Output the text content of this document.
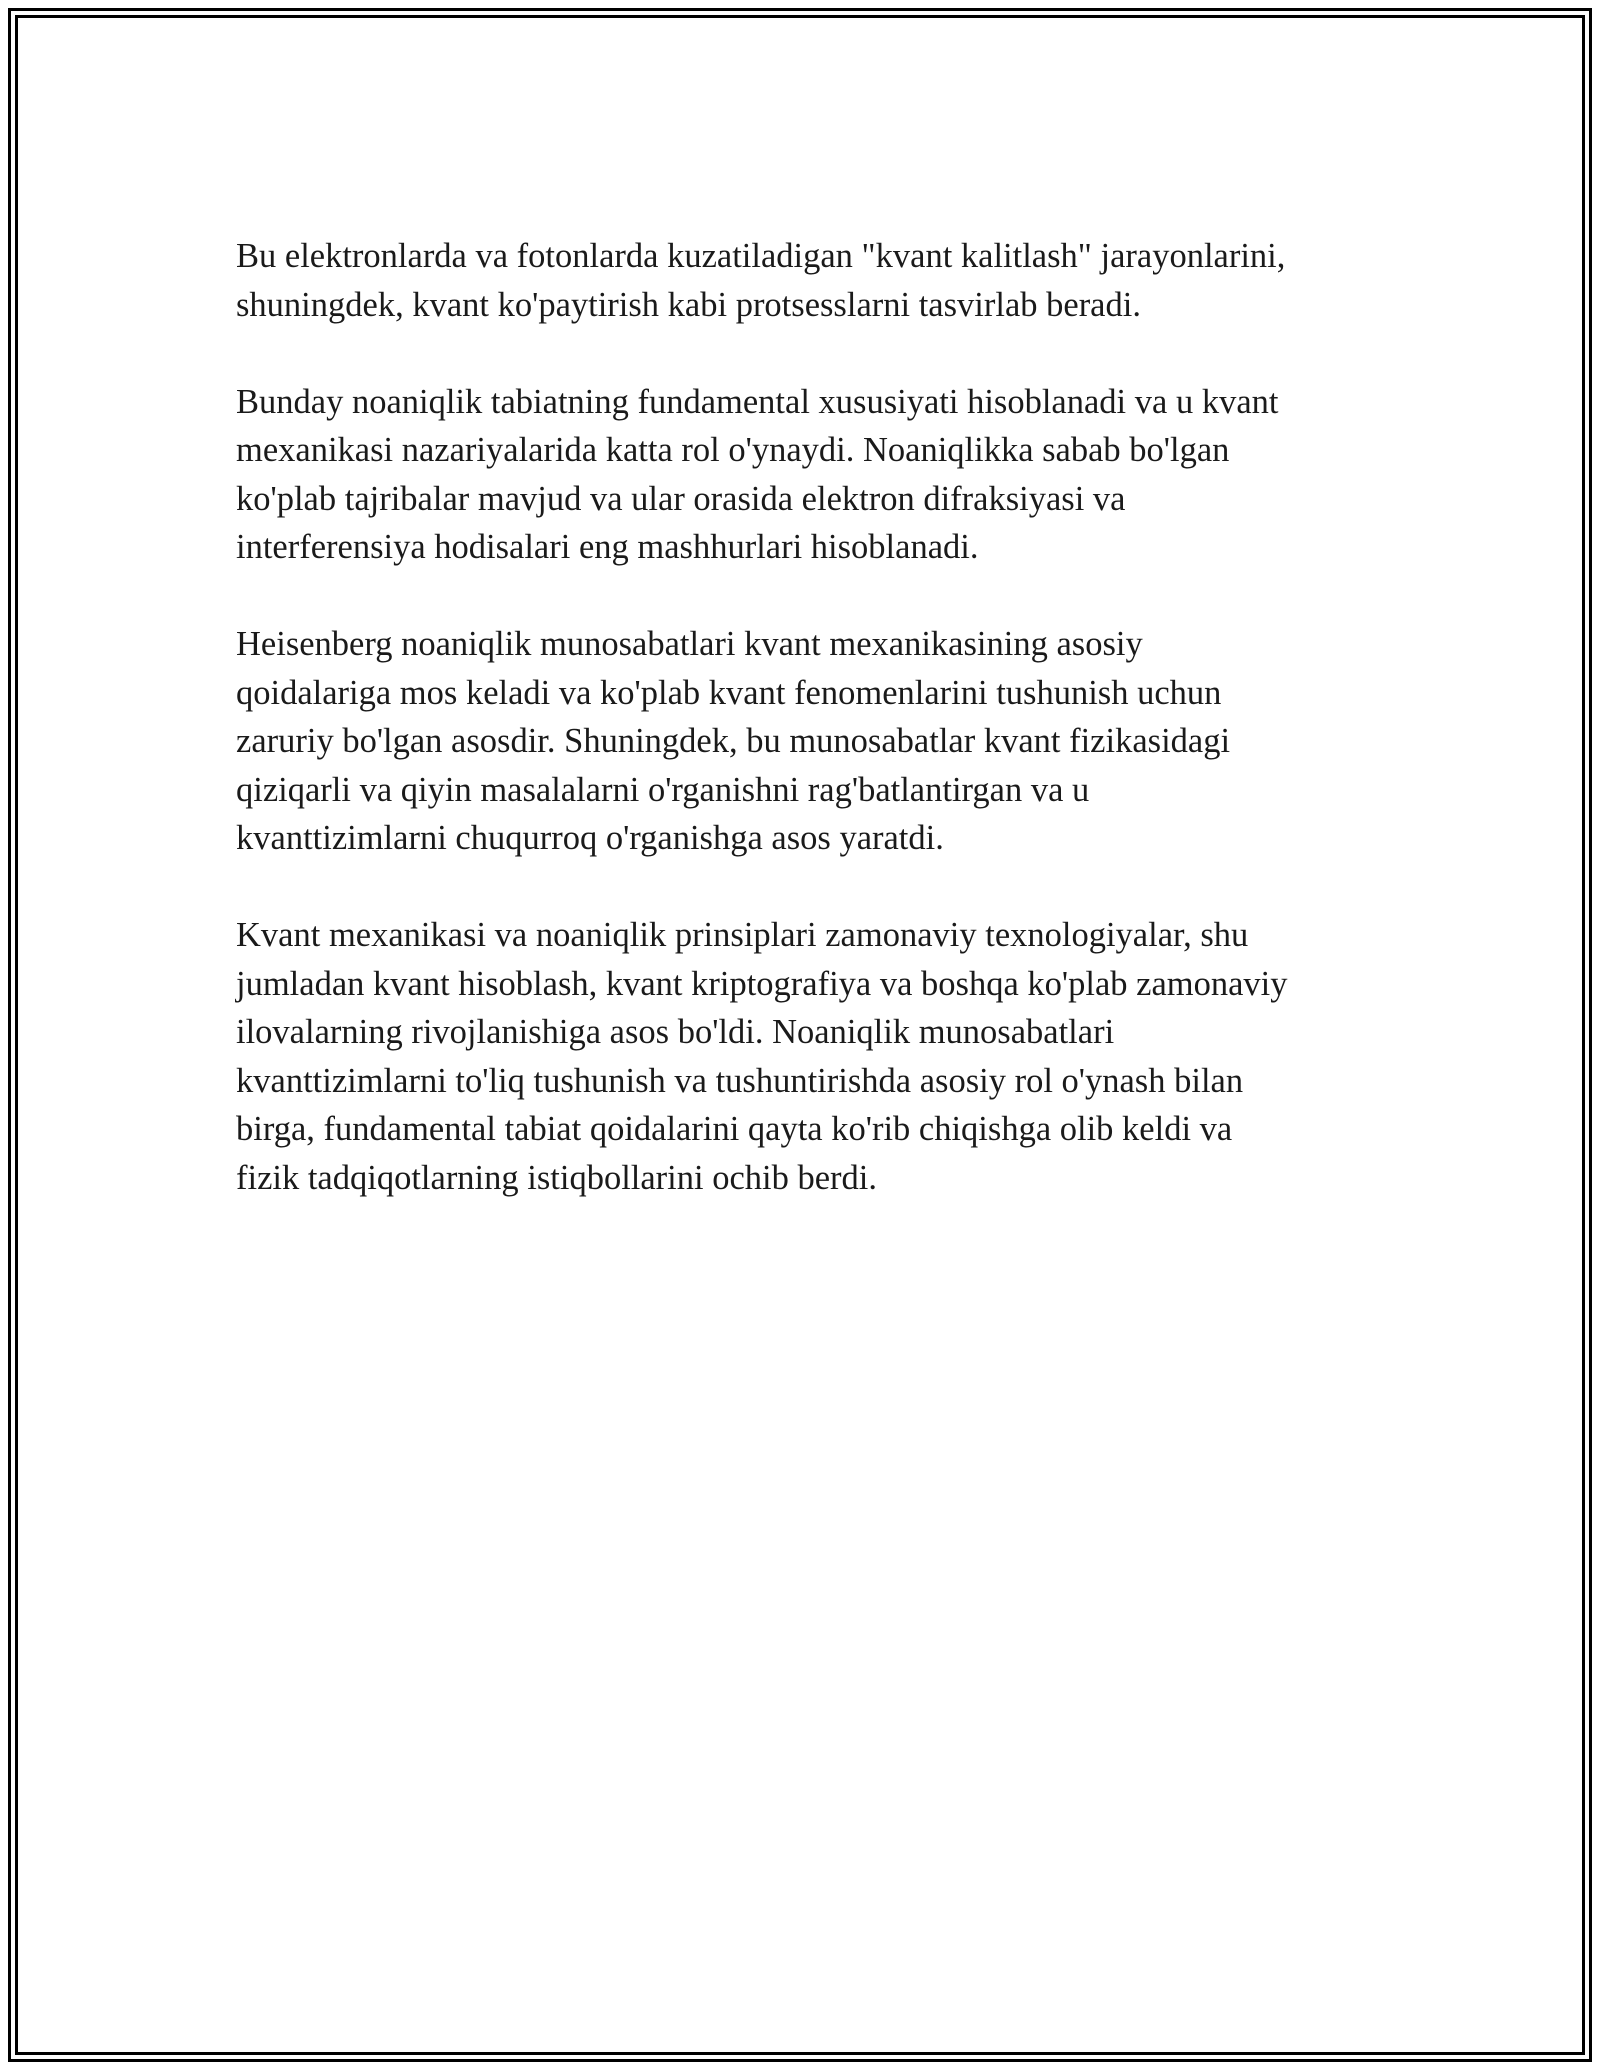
Bu elektronlarda va fotonlarda kuzatiladigan "kvant kalitlash" jarayonlarini,
shuningdek, kvant ko'paytirish kabi protsesslarni tasvirlab beradi.

Bunday noaniqlik tabiatning fundamental xususiyati hisoblanadi va u kvant
mexanikasi nazariyalarida katta rol o'ynaydi. Noaniqlikka sabab bo'lgan
ko'plab tajribalar mavjud va ular orasida elektron difraksiyasi va
interferensiya hodisalari eng mashhurlari hisoblanadi.

Heisenberg noaniqlik munosabatlari kvant mexanikasining asosiy
qoidalariga mos keladi va ko'plab kvant fenomenlarini tushunish uchun
zaruriy bo'lgan asosdir. Shuningdek, bu munosabatlar kvant fizikasidagi
qiziqarli va qiyin masalalarni o'rganishni rag'batlantirgan va u
kvanttizimlarni chuqurroq o'rganishga asos yaratdi.

Kvant mexanikasi va noaniqlik prinsiplari zamonaviy texnologiyalar, shu
jumladan kvant hisoblash, kvant kriptografiya va boshqa ko'plab zamonaviy
ilovalarning rivojlanishiga asos bo'ldi. Noaniqlik munosabatlari
kvanttizimlarni to'liq tushunish va tushuntirishda asosiy rol o'ynash bilan
birga, fundamental tabiat qoidalarini qayta ko'rib chiqishga olib keldi va
fizik tadqiqotlarning istiqbollarini ochib berdi.
